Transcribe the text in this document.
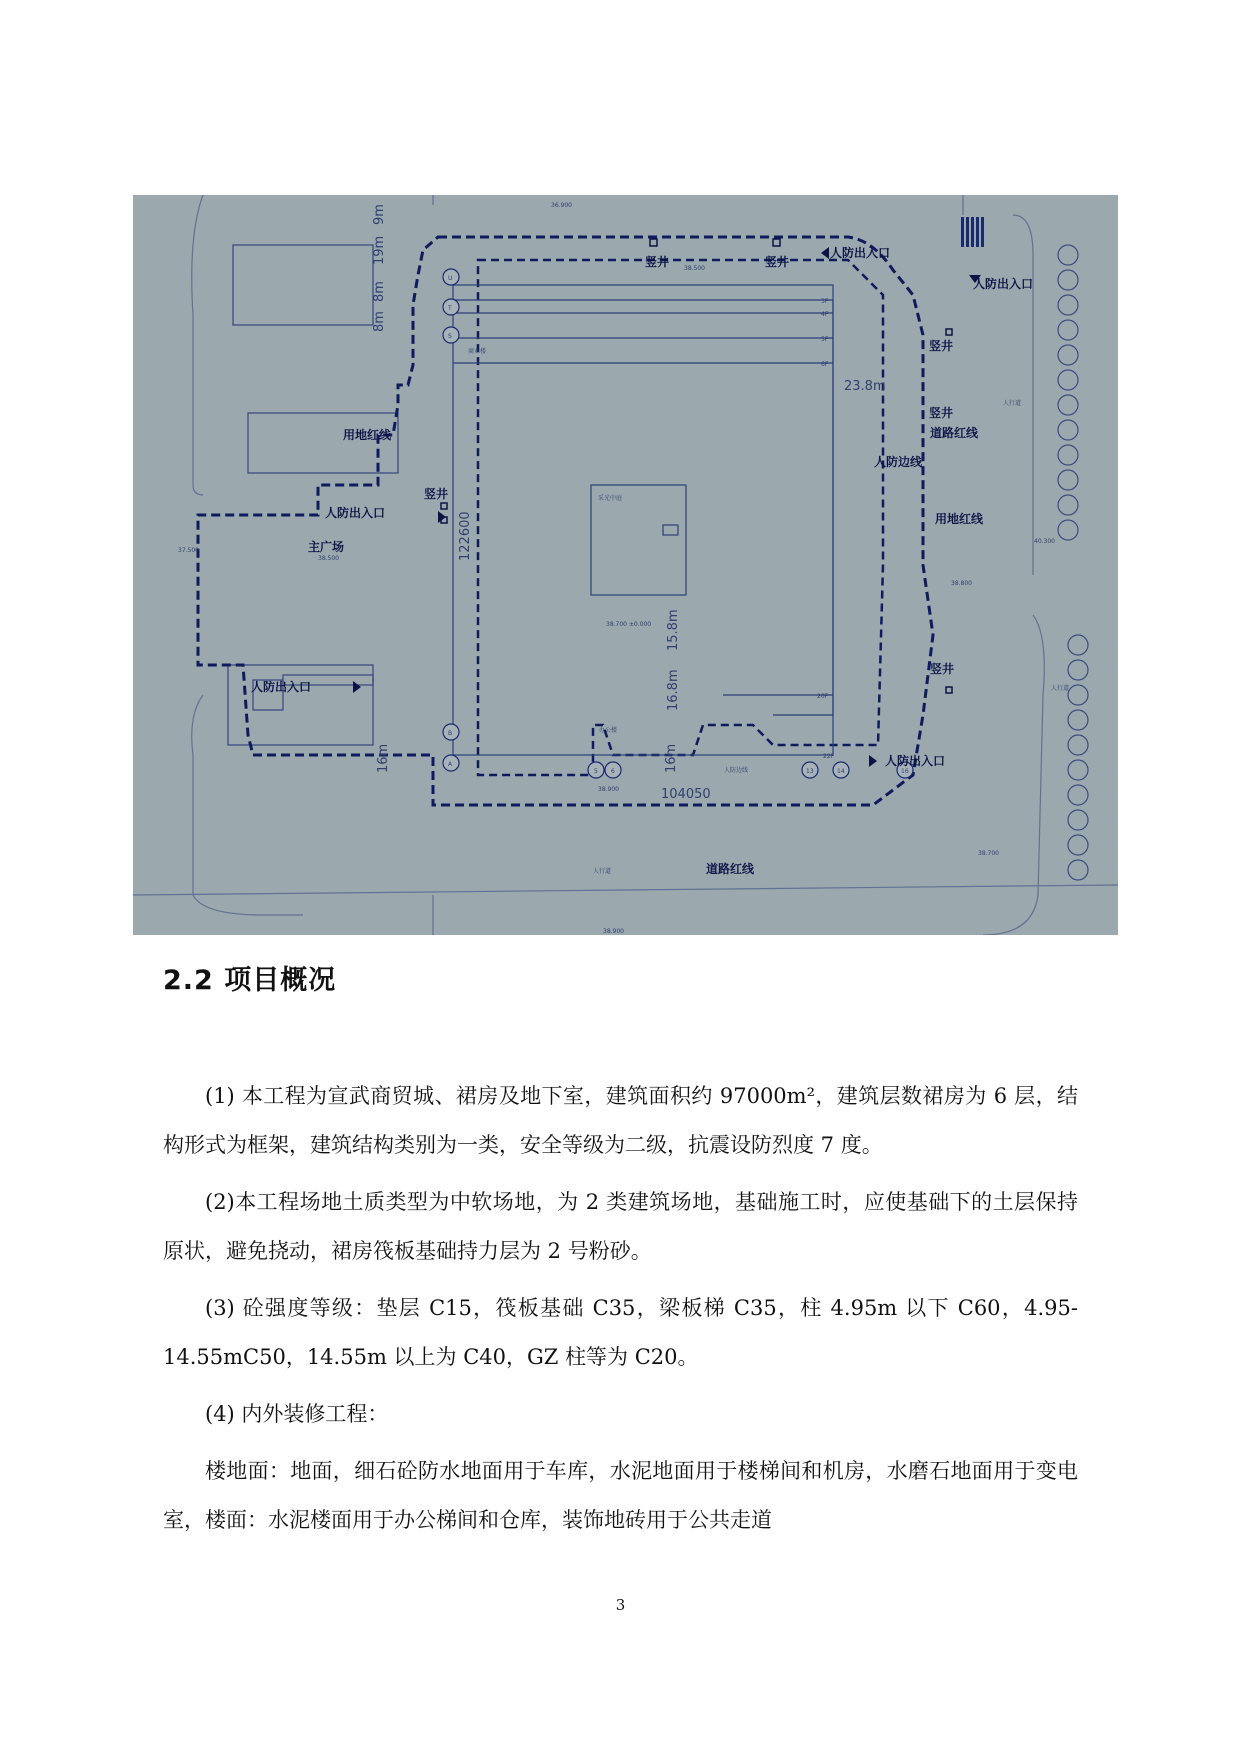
人防出入口
人防出入口
竖井	竖井
竖井
竖井
道路红线
人防边线
用地红线
用地红线
人防出入口
竖井
主广场
人防出入口
竖井
人防出入口
道路红线
商业楼
采光中庭
办公楼
人行道
人行道
人行道
3F
4F
5F
6F
20F
22F
人防边线
9m
19m
8m
8m
122600
104050
23.8m
16m	16m
15.8m
16.8m
36.900
38.500
38.500
37.500
38.700 ±0.000
40.300
38.800
38.900
38.900
38.700
U
T
S
B
A
5 6	13	14	16
2.2 项目概况

(1) 本工程为宣武商贸城、裙房及地下室，建筑面积约 97000m²，建筑层数裙房为 6 层，结构形式为框架，建筑结构类别为一类，安全等级为二级，抗震设防烈度 7 度。

(2)本工程场地土质类型为中软场地，为 2 类建筑场地，基础施工时，应使基础下的土层保持原状，避免挠动，裙房筏板基础持力层为 2 号粉砂。

(3) 砼强度等级：垫层 C15，筏板基础 C35，梁板梯 C35，柱 4.95m 以下 C60，4.95-14.55mC50，14.55m 以上为 C40，GZ 柱等为 C20。

(4) 内外装修工程：

楼地面：地面，细石砼防水地面用于车库，水泥地面用于楼梯间和机房，水磨石地面用于变电室，楼面：水泥楼面用于办公梯间和仓库，装饰地砖用于公共走道

3
